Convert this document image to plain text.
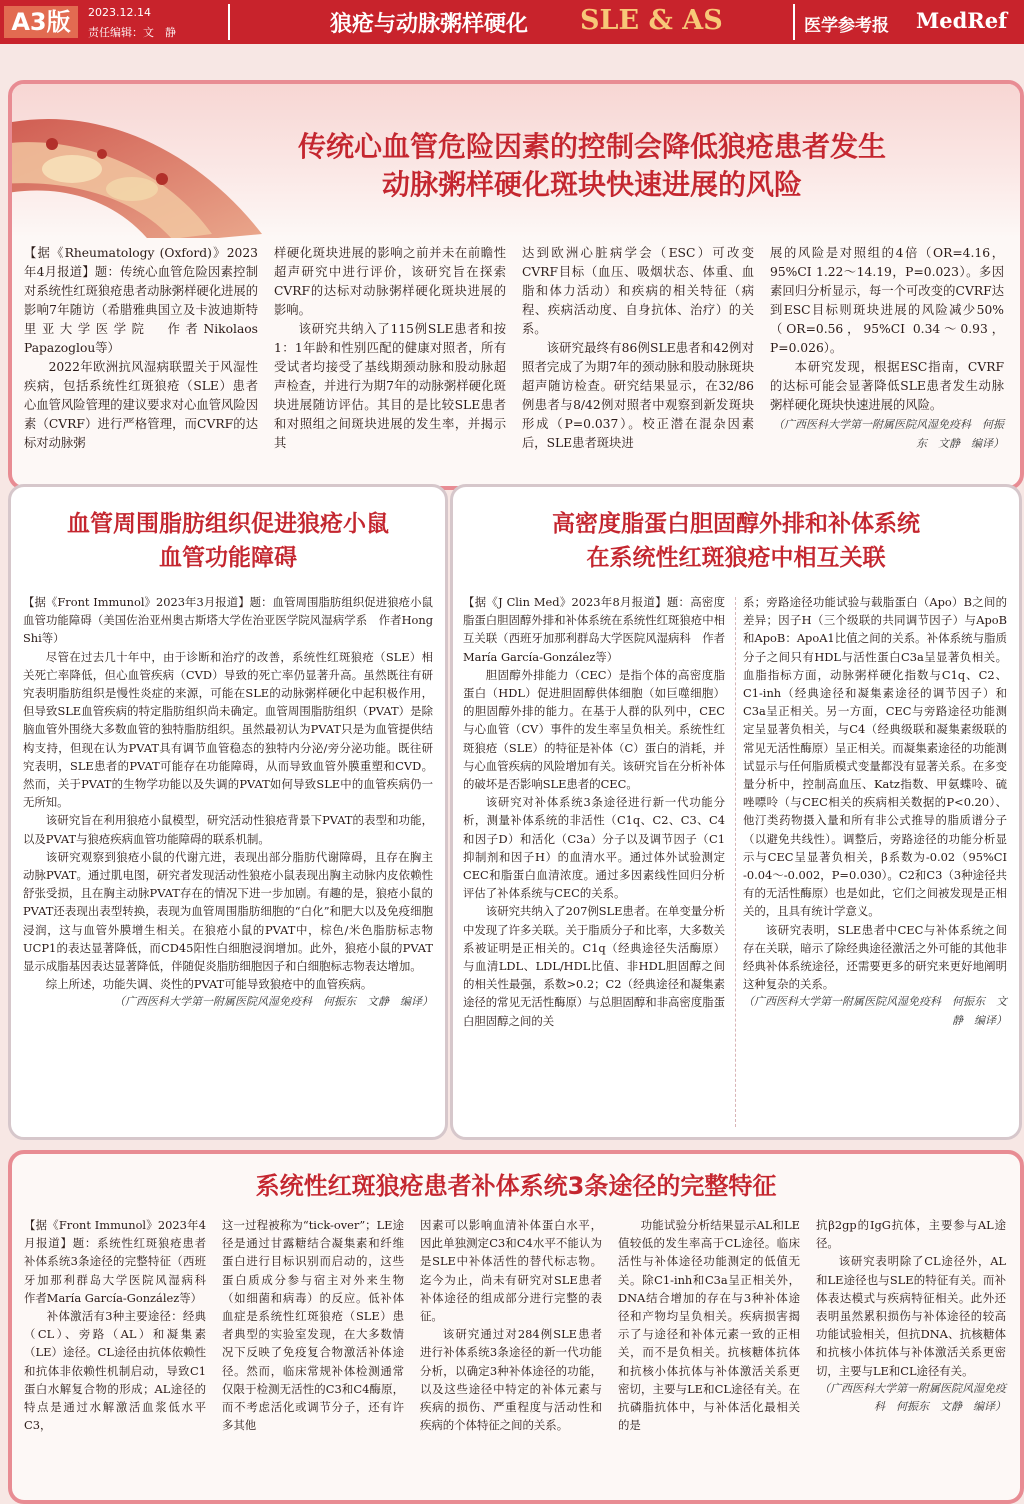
A3版	2023.12.14
责任编辑：文　静	狼疮与动脉粥样硬化 SLE & AS	医学参考报 MedRef
传统心血管危险因素的控制会降低狼疮患者发生
动脉粥样硬化斑块快速进展的风险

【据《Rheumatology (Oxford)》2023年4月报道】题：传统心血管危险因素控制对系统性红斑狼疮患者动脉粥样硬化进展的影响7年随访（希腊雅典国立及卡波迪斯特里亚大学医学院　作者Nikolaos Papazoglou等）

2022年欧洲抗风湿病联盟关于风湿性疾病，包括系统性红斑狼疮（SLE）患者心血管风险管理的建议要求对心血管风险因素（CVRF）进行严格管理，而CVRF的达标对动脉粥

样硬化斑块进展的影响之前并未在前瞻性超声研究中进行评价，该研究旨在探索CVRF的达标对动脉粥样硬化斑块进展的影响。

该研究共纳入了115例SLE患者和按1：1年龄和性别匹配的健康对照者，所有受试者均接受了基线期颈动脉和股动脉超声检查，并进行为期7年的动脉粥样硬化斑块进展随访评估。其目的是比较SLE患者和对照组之间斑块进展的发生率，并揭示其

达到欧洲心脏病学会（ESC）可改变CVRF目标（血压、吸烟状态、体重、血脂和体力活动）和疾病的相关特征（病程、疾病活动度、自身抗体、治疗）的关系。

该研究最终有86例SLE患者和42例对照者完成了为期7年的颈动脉和股动脉斑块超声随访检查。研究结果显示，在32/86例患者与8/42例对照者中观察到新发斑块形成（P=0.037）。校正潜在混杂因素后，SLE患者斑块进

展的风险是对照组的4倍（OR=4.16，95%CI 1.22～14.19，P=0.023）。多因素回归分析显示，每一个可改变的CVRF达到ESC目标则斑块进展的风险减少50%（OR=0.56，95%CI 0.34～0.93，P=0.026）。

本研究发现，根据ESC指南，CVRF的达标可能会显著降低SLE患者发生动脉粥样硬化斑块快速进展的风险。

（广西医科大学第一附属医院风湿免疫科　何振东　文静　编译）

血管周围脂肪组织促进狼疮小鼠
血管功能障碍

【据《Front Immunol》2023年3月报道】题：血管周围脂肪组织促进狼疮小鼠血管功能障碍（美国佐治亚州奥古斯塔大学佐治亚医学院风湿病学系　作者Hong Shi等）

尽管在过去几十年中，由于诊断和治疗的改善，系统性红斑狼疮（SLE）相关死亡率降低，但心血管疾病（CVD）导致的死亡率仍显著升高。虽然既往有研究表明脂肪组织是慢性炎症的来源，可能在SLE的动脉粥样硬化中起积极作用，但导致SLE血管疾病的特定脂肪组织尚未确定。血管周围脂肪组织（PVAT）是除脑血管外围绕大多数血管的独特脂肪组织。虽然最初认为PVAT只是为血管提供结构支持，但现在认为PVAT具有调节血管稳态的独特内分泌/旁分泌功能。既往研究表明，SLE患者的PVAT可能存在功能障碍，从而导致血管外膜重塑和CVD。然而，关于PVAT的生物学功能以及失调的PVAT如何导致SLE中的血管疾病仍一无所知。

该研究旨在利用狼疮小鼠模型，研究活动性狼疮背景下PVAT的表型和功能，以及PVAT与狼疮疾病血管功能障碍的联系机制。

该研究观察到狼疮小鼠的代谢亢进，表现出部分脂肪代谢障碍，且存在胸主动脉PVAT。通过肌电图，研究者发现活动性狼疮小鼠表现出胸主动脉内皮依赖性舒张受损，且在胸主动脉PVAT存在的情况下进一步加剧。有趣的是，狼疮小鼠的PVAT还表现出表型转换，表现为血管周围脂肪细胞的“白化”和肥大以及免疫细胞浸润，这与血管外膜增生相关。在狼疮小鼠的PVAT中，棕色/米色脂肪标志物UCP1的表达显著降低，而CD45阳性白细胞浸润增加。此外，狼疮小鼠的PVAT显示成脂基因表达显著降低，伴随促炎脂肪细胞因子和白细胞标志物表达增加。

综上所述，功能失调、炎性的PVAT可能导致狼疮中的血管疾病。

（广西医科大学第一附属医院风湿免疫科　何振东　文静　编译）

高密度脂蛋白胆固醇外排和补体系统
在系统性红斑狼疮中相互关联

【据《J Clin Med》2023年8月报道】题：高密度脂蛋白胆固醇外排和补体系统在系统性红斑狼疮中相互关联（西班牙加那利群岛大学医院风湿病科　作者María García-González等）

胆固醇外排能力（CEC）是指个体的高密度脂蛋白（HDL）促进胆固醇供体细胞（如巨噬细胞）的胆固醇外排的能力。在基于人群的队列中，CEC与心血管（CV）事件的发生率呈负相关。系统性红斑狼疮（SLE）的特征是补体（C）蛋白的消耗，并与心血管疾病的风险增加有关。该研究旨在分析补体的破坏是否影响SLE患者的CEC。

该研究对补体系统3条途径进行新一代功能分析，测量补体系统的非活性（C1q、C2、C3、C4和因子D）和活化（C3a）分子以及调节因子（C1抑制剂和因子H）的血清水平。通过体外试验测定CEC和脂蛋白血清浓度。通过多因素线性回归分析评估了补体系统与CEC的关系。

该研究共纳入了207例SLE患者。在单变量分析中发现了许多关联。关于脂质分子和比率，大多数关系被证明是正相关的。C1q（经典途径失活酶原）与血清LDL、LDL/HDL比值、非HDL胆固醇之间的相关性最强，系数>0.2；C2（经典途径和凝集素途径的常见无活性酶原）与总胆固醇和非高密度脂蛋白胆固醇之间的关

系；旁路途径功能试验与载脂蛋白（Apo）B之间的差异；因子H（三个级联的共同调节因子）与ApoB和ApoB：ApoA1比值之间的关系。补体系统与脂质分子之间只有HDL与活性蛋白C3a呈显著负相关。血脂指标方面，动脉粥样硬化指数与C1q、C2、C1-inh（经典途径和凝集素途径的调节因子）和C3a呈正相关。另一方面，CEC与旁路途径功能测定呈显著负相关，与C4（经典级联和凝集素级联的常见无活性酶原）呈正相关。而凝集素途径的功能测试显示与任何脂质模式变量都没有显著关系。在多变量分析中，控制高血压、Katz指数、甲氨蝶呤、硫唑嘌呤（与CEC相关的疾病相关数据的P<0.20）、他汀类药物摄入量和所有非公式推导的脂质谱分子（以避免共线性）。调整后，旁路途径的功能分析显示与CEC呈显著负相关，β系数为-0.02（95%CI -0.04～-0.002，P=0.030）。C2和C3（3种途径共有的无活性酶原）也是如此，它们之间被发现是正相关的，且具有统计学意义。

该研究表明，SLE患者中CEC与补体系统之间存在关联，暗示了除经典途径激活之外可能的其他非经典补体系统途径，还需要更多的研究来更好地阐明这种复杂的关系。

（广西医科大学第一附属医院风湿免疫科　何振东　文静　编译）

系统性红斑狼疮患者补体系统3条途径的完整特征

【据《Front Immunol》2023年4月报道】题：系统性红斑狼疮患者补体系统3条途径的完整特征（西班牙加那利群岛大学医院风湿病科　作者María García-González等）

补体激活有3种主要途径：经典（CL）、旁路（AL）和凝集素（LE）途径。CL途径由抗体依赖性和抗体非依赖性机制启动，导致C1蛋白水解复合物的形成；AL途径的特点是通过水解激活血浆低水平C3，

这一过程被称为“tick-over”；LE途径是通过甘露糖结合凝集素和纤维蛋白进行目标识别而启动的，这些蛋白质成分参与宿主对外来生物（如细菌和病毒）的反应。低补体血症是系统性红斑狼疮（SLE）患者典型的实验室发现，在大多数情况下反映了免疫复合物激活补体途径。然而，临床常规补体检测通常仅限于检测无活性的C3和C4酶原，而不考虑活化或调节分子，还有许多其他

因素可以影响血清补体蛋白水平，因此单独测定C3和C4水平不能认为是SLE中补体活性的替代标志物。迄今为止，尚未有研究对SLE患者补体途径的组成部分进行完整的表征。

该研究通过对284例SLE患者进行补体系统3条途径的新一代功能分析，以确定3种补体途径的功能，以及这些途径中特定的补体元素与疾病的损伤、严重程度与活动性和疾病的个体特征之间的关系。

功能试验分析结果显示AL和LE值较低的发生率高于CL途径。临床活性与补体途径功能测定的低值无关。除C1-inh和C3a呈正相关外，DNA结合增加的存在与3种补体途径和产物均呈负相关。疾病损害揭示了与途径和补体元素一致的正相关，而不是负相关。抗核糖体抗体和抗核小体抗体与补体激活关系更密切，主要与LE和CL途径有关。在抗磷脂抗体中，与补体活化最相关的是

抗β2gp的IgG抗体，主要参与AL途径。

该研究表明除了CL途径外，AL和LE途径也与SLE的特征有关。而补体表达模式与疾病特征相关。此外还表明虽然累积损伤与补体途径的较高功能试验相关，但抗DNA、抗核糖体和抗核小体抗体与补体激活关系更密切，主要与LE和CL途径有关。

（广西医科大学第一附属医院风湿免疫科　何振东　文静　编译）
